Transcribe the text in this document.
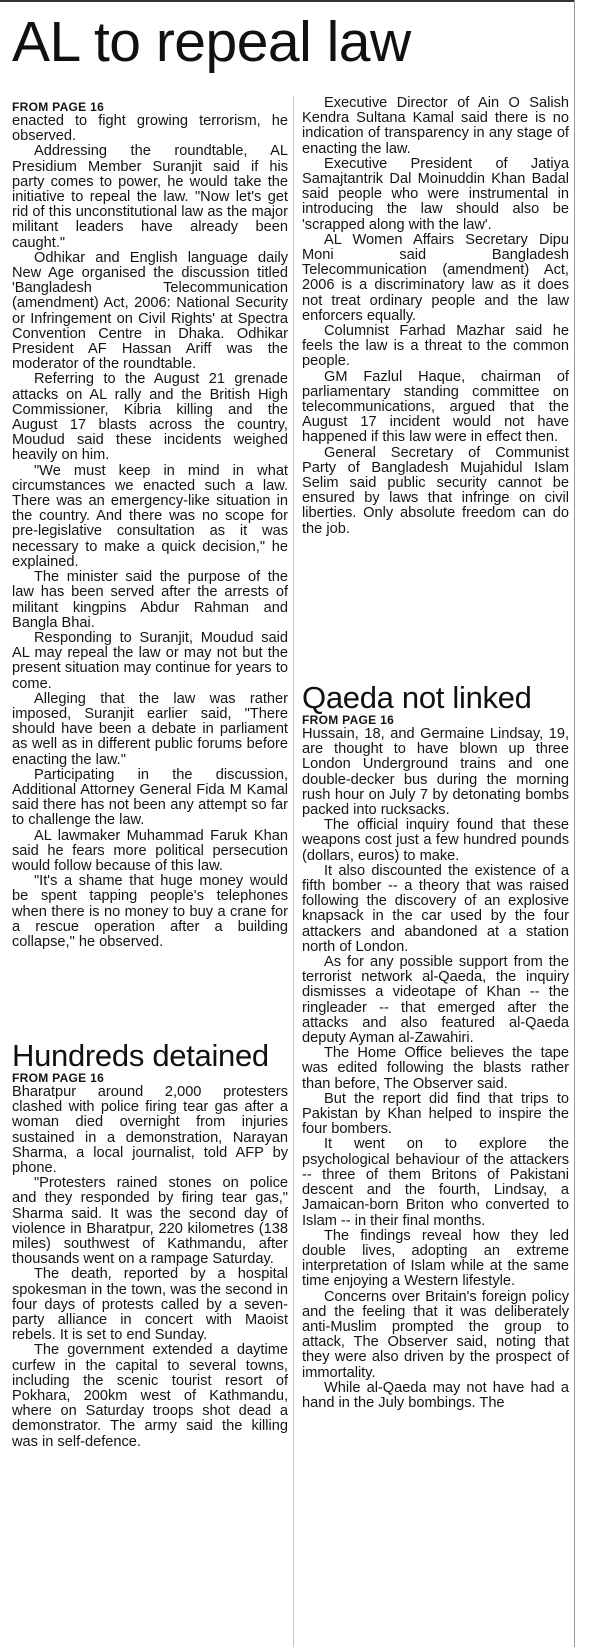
AL to repeal law

FROM PAGE 16

enacted to fight growing terrorism, he observed.

Addressing the roundtable, AL Presidium Member Suranjit said if his party comes to power, he would take the initiative to repeal the law. "Now let's get rid of this unconstitutional law as the major militant leaders have already been caught."

Odhikar and English language daily New Age organised the discussion titled 'Bangladesh Telecommunication (amendment) Act, 2006: National Security or Infringement on Civil Rights' at Spectra Convention Centre in Dhaka. Odhikar President AF Hassan Ariff was the moderator of the roundtable.

Referring to the August 21 grenade attacks on AL rally and the British High Commissioner, Kibria killing and the August 17 blasts across the country, Moudud said these incidents weighed heavily on him.

"We must keep in mind in what circumstances we enacted such a law. There was an emergency-like situation in the country. And there was no scope for pre-legislative consultation as it was necessary to make a quick decision," he explained.

The minister said the purpose of the law has been served after the arrests of militant kingpins Abdur Rahman and Bangla Bhai.

Responding to Suranjit, Moudud said AL may repeal the law or may not but the present situation may continue for years to come.

Alleging that the law was rather imposed, Suranjit earlier said, "There should have been a debate in parliament as well as in different public forums before enacting the law."

Participating in the discussion, Additional Attorney General Fida M Kamal said there has not been any attempt so far to challenge the law.

AL lawmaker Muhammad Faruk Khan said he fears more political persecution would follow because of this law.

"It's a shame that huge money would be spent tapping people's telephones when there is no money to buy a crane for a rescue operation after a building collapse," he observed.

Hundreds detained

FROM PAGE 16

Bharatpur around 2,000 protesters clashed with police firing tear gas after a woman died overnight from injuries sustained in a demonstration, Narayan Sharma, a local journalist, told AFP by phone.

"Protesters rained stones on police and they responded by firing tear gas," Sharma said. It was the second day of violence in Bharatpur, 220 kilometres (138 miles) southwest of Kathmandu, after thousands went on a rampage Saturday.

The death, reported by a hospital spokesman in the town, was the second in four days of protests called by a seven-party alliance in concert with Maoist rebels. It is set to end Sunday.

The government extended a daytime curfew in the capital to several towns, including the scenic tourist resort of Pokhara, 200km west of Kathmandu, where on Saturday troops shot dead a demonstrator. The army said the killing was in self-defence.

Executive Director of Ain O Salish Kendra Sultana Kamal said there is no indication of transparency in any stage of enacting the law.

Executive President of Jatiya Samajtantrik Dal Moinuddin Khan Badal said people who were instrumental in introducing the law should also be 'scrapped along with the law'.

AL Women Affairs Secretary Dipu Moni said Bangladesh Telecommunication (amendment) Act, 2006 is a discriminatory law as it does not treat ordinary people and the law enforcers equally.

Columnist Farhad Mazhar said he feels the law is a threat to the common people.

GM Fazlul Haque, chairman of parliamentary standing committee on telecommunications, argued that the August 17 incident would not have happened if this law were in effect then.

General Secretary of Communist Party of Bangladesh Mujahidul Islam Selim said public security cannot be ensured by laws that infringe on civil liberties. Only absolute freedom can do the job.

Qaeda not linked

FROM PAGE 16

Hussain, 18, and Germaine Lindsay, 19, are thought to have blown up three London Underground trains and one double-decker bus during the morning rush hour on July 7 by detonating bombs packed into rucksacks.

The official inquiry found that these weapons cost just a few hundred pounds (dollars, euros) to make.

It also discounted the existence of a fifth bomber -- a theory that was raised following the discovery of an explosive knapsack in the car used by the four attackers and abandoned at a station north of London.

As for any possible support from the terrorist network al-Qaeda, the inquiry dismisses a videotape of Khan -- the ringleader -- that emerged after the attacks and also featured al-Qaeda deputy Ayman al-Zawahiri.

The Home Office believes the tape was edited following the blasts rather than before, The Observer said.

But the report did find that trips to Pakistan by Khan helped to inspire the four bombers.

It went on to explore the psychological behaviour of the attackers -- three of them Britons of Pakistani descent and the fourth, Lindsay, a Jamaican-born Briton who converted to Islam -- in their final months.

The findings reveal how they led double lives, adopting an extreme interpretation of Islam while at the same time enjoying a Western lifestyle.

Concerns over Britain's foreign policy and the feeling that it was deliberately anti-Muslim prompted the group to attack, The Observer said, noting that they were also driven by the prospect of immortality.

While al-Qaeda may not have had a hand in the July bombings. The
